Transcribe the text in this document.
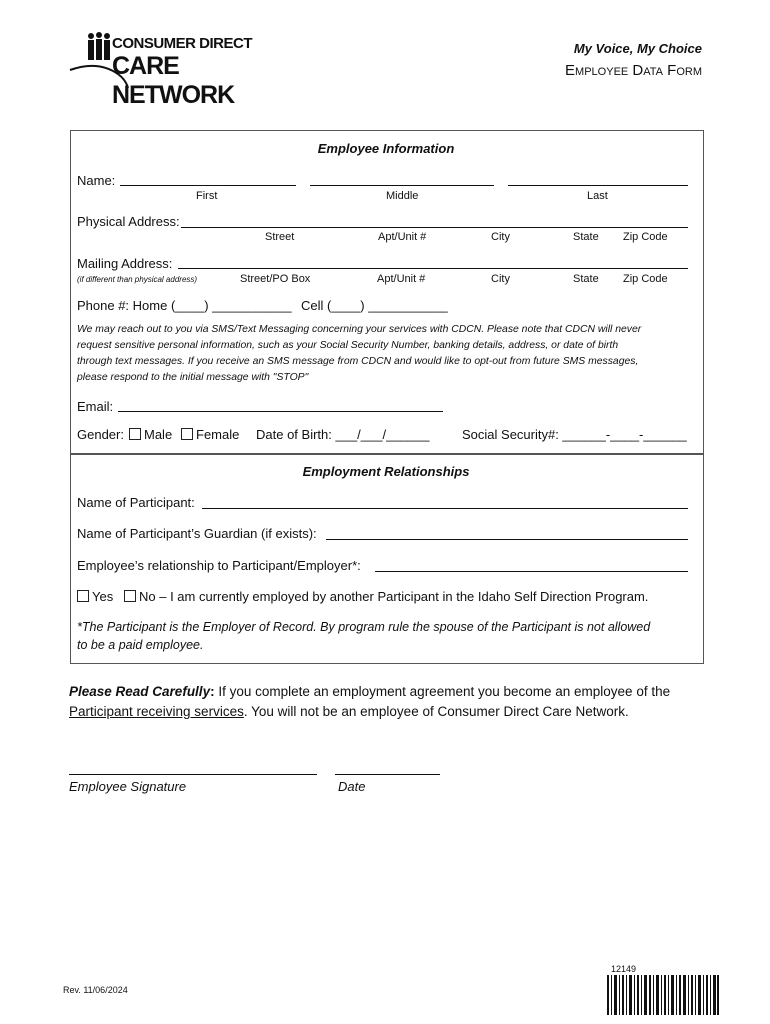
CONSUMER DIRECT
CARE NETWORK
My Voice, My Choice
Employee Data Form
Employee Information
Name:
First	Middle	Last
Physical Address:
Street	Apt/Unit #	City	State Zip Code
Mailing Address:
(if different than physical address)	Street/PO Box	Apt/Unit #	City	State Zip Code
Phone #: Home (____) ___________ Cell (____) ___________
We may reach out to you via SMS/Text Messaging concerning your services with CDCN. Please note that CDCN will never
request sensitive personal information, such as your Social Security Number, banking details, address, or date of birth
through text messages. If you receive an SMS message from CDCN and would like to opt-out from future SMS messages,
please respond to the initial message with "STOP"
Email:
Gender:	Male	Female Date of Birth: ___/___/______	Social Security#: ______-____-______
Employment Relationships
Name of Participant:
Name of Participant’s Guardian (if exists):
Employee’s relationship to Participant/Employer*:
Yes	No – I am currently employed by another Participant in the Idaho Self Direction Program.
*The Participant is the Employer of Record. By program rule the spouse of the Participant is not allowed
to be a paid employee.
Please Read Carefully: If you complete an employment agreement you become an employee of the
Participant receiving services. You will not be an employee of Consumer Direct Care Network.
Employee Signature	Date
Rev. 11/06/2024
12149
